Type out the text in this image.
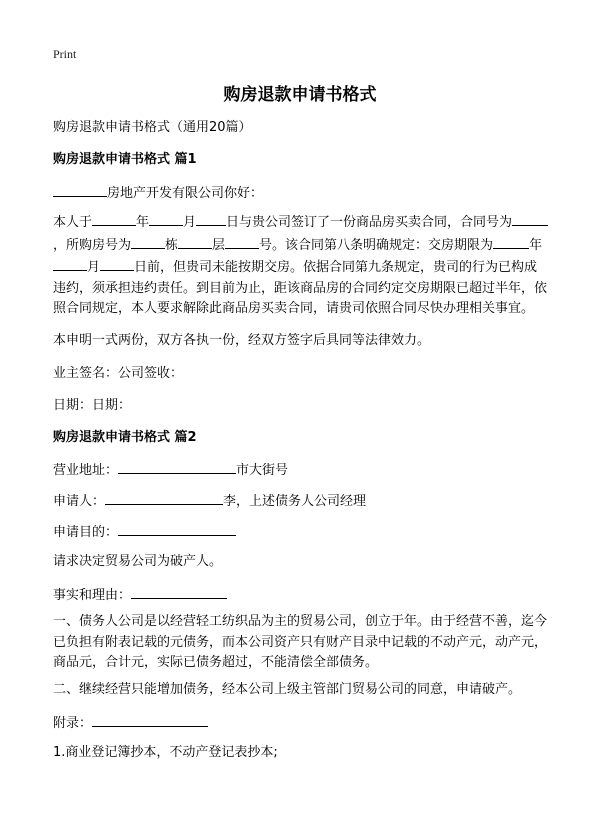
Print
购房退款申请书格式
购房退款申请书格式（通用20篇）
购房退款申请书格式 篇1
房地产开发有限公司你好：
本人于	年	月 日与贵公司签订了一份商品房买卖合同，合同号为，所购房号为	栋	层	号。该合同第八条明确规定：交房期限为	年月	日前，但贵司未能按期交房。依据合同第九条规定，贵司的行为已构成违约，须承担违约责任。到目前为止，距该商品房的合同约定交房期限已超过半年，依照合同规定，本人要求解除此商品房买卖合同，请贵司依照合同尽快办理相关事宜。
本申明一式两份，双方各执一份，经双方签字后具同等法律效力。
业主签名：公司签收：
日期：日期：
购房退款申请书格式 篇2
营业地址：	市大街号
申请人：	李，上述债务人公司经理
申请目的：
请求决定贸易公司为破产人。
事实和理由：
一、债务人公司是以经营轻工纺织品为主的贸易公司，创立于年。由于经营不善，迄今已负担有附表记载的元债务，而本公司资产只有财产目录中记载的不动产元，动产元，商品元，合计元，实际已债务超过，不能清偿全部债务。
二、继续经营只能增加债务，经本公司上级主管部门贸易公司的同意，申请破产。
附录：
1.商业登记簿抄本，不动产登记表抄本;
